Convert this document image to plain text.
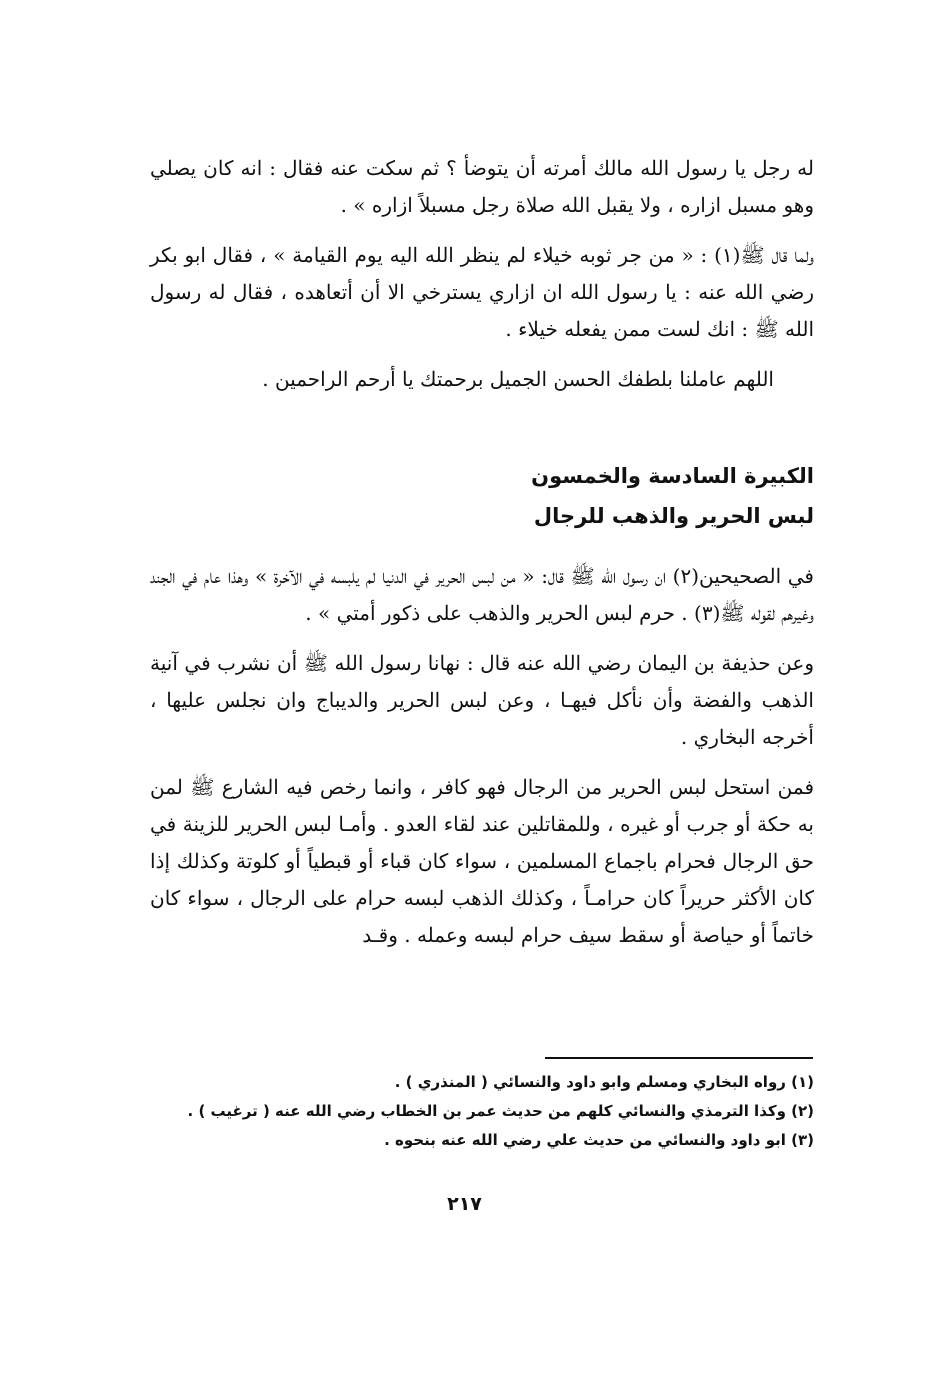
له رجل يا رسول الله مالك أمرته أن يتوضأ ؟ ثم سكت عنه فقال : انه كان يصلي وهو مسبل ازاره ، ولا يقبل الله صلاة رجل مسبلاً ازاره » .

ولما قال ﷺ(١) : « من جر ثوبه خيلاء لم ينظر الله اليه يوم القيامة » ، فقال ابو بكر رضي الله عنه : يا رسول الله ان ازاري يسترخي الا أن أتعاهده ، فقال له رسول الله ﷺ : انك لست ممن يفعله خيلاء .

اللهم عاملنا بلطفك الحسن الجميل برحمتك يا أرحم الراحمين .

الكبيرة السادسة والخمسون
لبس الحرير والذهب للرجال

في الصحيحين(٢) ان رسول الله ﷺ قال: « من لبس الحرير في الدنيا لم يلبسه في الآخرة » وهذا عام في الجند وغيرهم لقوله ﷺ(٣) . حرم لبس الحرير والذهب على ذكور أمتي » .

وعن حذيفة بن اليمان رضي الله عنه قال : نهانا رسول الله ﷺ أن نشرب في آنية الذهب والفضة وأن نأكل فيهـا ، وعن لبس الحرير والديباج وان نجلس عليها ، أخرجه البخاري .

فمن استحل لبس الحرير من الرجال فهو كافر ، وانما رخص فيه الشارع ﷺ لمن به حكة أو جرب أو غيره ، وللمقاتلين عند لقاء العدو . وأمـا لبس الحرير للزينة في حق الرجال فحرام باجماع المسلمين ، سواء كان قباء أو قبطياً أو كلوتة وكذلك إذا كان الأكثر حريراً كان حرامـاً ، وكذلك الذهب لبسه حرام على الرجال ، سواء كان خاتماً أو حياصة أو سقط سيف حرام لبسه وعمله . وقـد

(١) رواه البخاري ومسلم وابو داود والنسائي ( المنذري ) .

(٢) وكذا الترمذي والنسائي كلهم من حديث عمر بن الخطاب رضي الله عنه ( ترغيب ) .

(٣) ابو داود والنسائي من حديث علي رضي الله عنه بنحوه .

٢١٧
